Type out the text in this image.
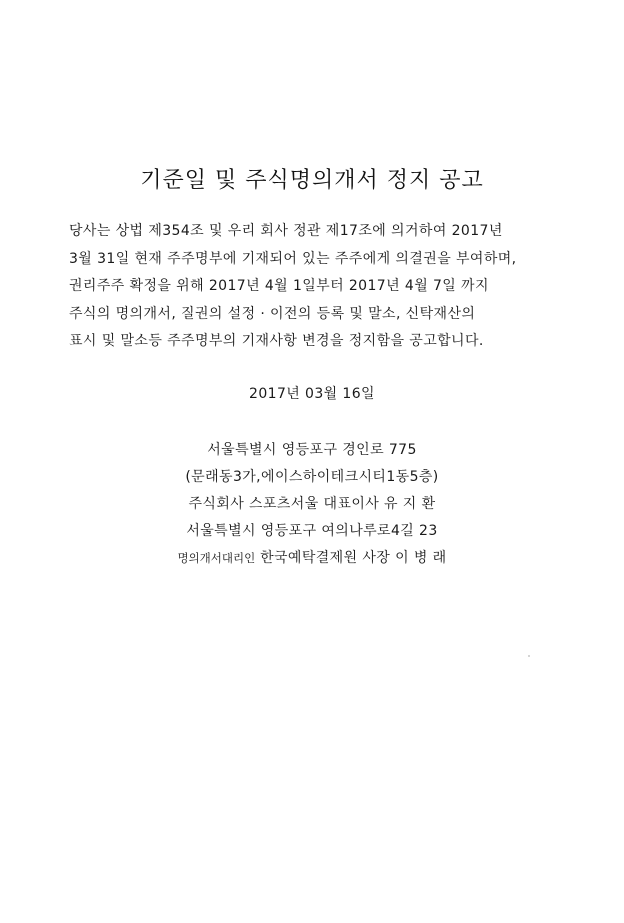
기준일 및 주식명의개서 정지 공고
당사는 상법 제354조 및 우리 회사 정관 제17조에 의거하여 2017년
3월 31일 현재 주주명부에 기재되어 있는 주주에게 의결권을 부여하며,
권리주주 확정을 위해 2017년 4월 1일부터 2017년 4월 7일 까지
주식의 명의개서, 질권의 설정 · 이전의 등록 및 말소, 신탁재산의
표시 및 말소등 주주명부의 기재사항 변경을 정지함을 공고합니다.
2017년 03월 16일
서울특별시 영등포구 경인로 775
(문래동3가,에이스하이테크시티1동5층)
주식회사 스포츠서울 대표이사 유 지 환
서울특별시 영등포구 여의나루로4길 23
명의개서대리인 한국예탁결제원 사장 이 병 래
